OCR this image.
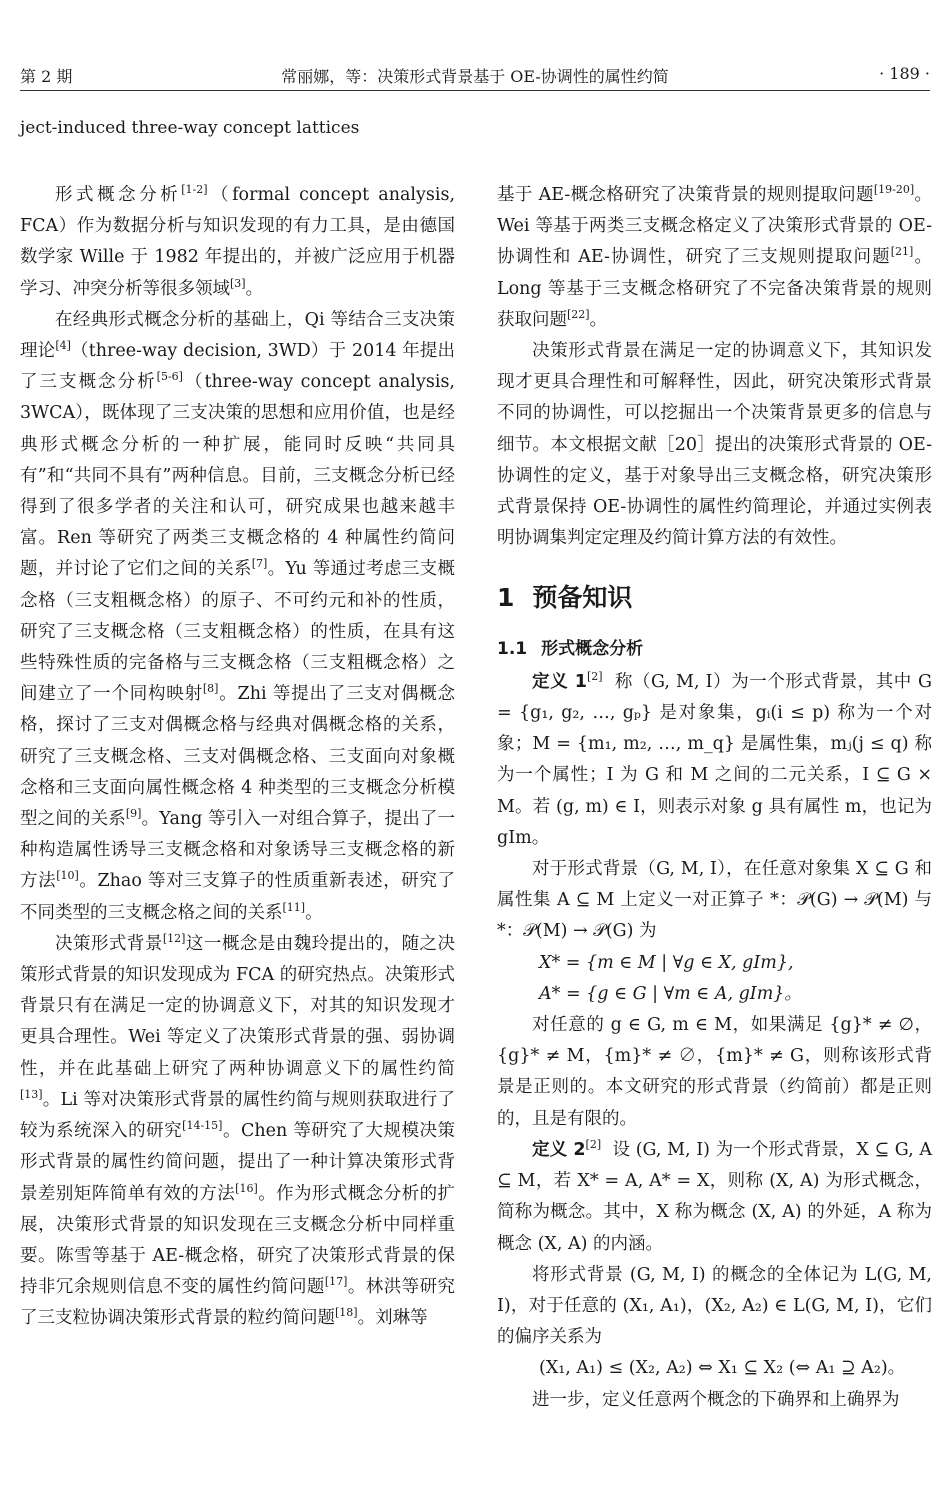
第 2 期	常丽娜，等：决策形式背景基于 OE-协调性的属性约简	· 189 ·
ject-induced three-way concept lattices

形式概念分析[1-2]（formal concept analysis, FCA）作为数据分析与知识发现的有力工具，是由德国数学家 Wille 于 1982 年提出的，并被广泛应用于机器学习、冲突分析等很多领域[3]。

在经典形式概念分析的基础上，Qi 等结合三支决策理论[4]（three-way decision, 3WD）于 2014 年提出了三支概念分析[5-6]（three-way concept analysis, 3WCA），既体现了三支决策的思想和应用价值，也是经典形式概念分析的一种扩展，能同时反映“共同具有”和“共同不具有”两种信息。目前，三支概念分析已经得到了很多学者的关注和认可，研究成果也越来越丰富。Ren 等研究了两类三支概念格的 4 种属性约简问题，并讨论了它们之间的关系[7]。Yu 等通过考虑三支概念格（三支粗概念格）的原子、不可约元和补的性质，研究了三支概念格（三支粗概念格）的性质，在具有这些特殊性质的完备格与三支概念格（三支粗概念格）之间建立了一个同构映射[8]。Zhi 等提出了三支对偶概念格，探讨了三支对偶概念格与经典对偶概念格的关系，研究了三支概念格、三支对偶概念格、三支面向对象概念格和三支面向属性概念格 4 种类型的三支概念分析模型之间的关系[9]。Yang 等引入一对组合算子，提出了一种构造属性诱导三支概念格和对象诱导三支概念格的新方法[10]。Zhao 等对三支算子的性质重新表述，研究了不同类型的三支概念格之间的关系[11]。

决策形式背景[12]这一概念是由魏玲提出的，随之决策形式背景的知识发现成为 FCA 的研究热点。决策形式背景只有在满足一定的协调意义下，对其的知识发现才更具合理性。Wei 等定义了决策形式背景的强、弱协调性，并在此基础上研究了两种协调意义下的属性约简[13]。Li 等对决策形式背景的属性约简与规则获取进行了较为系统深入的研究[14-15]。Chen 等研究了大规模决策形式背景的属性约简问题，提出了一种计算决策形式背景差别矩阵简单有效的方法[16]。作为形式概念分析的扩展，决策形式背景的知识发现在三支概念分析中同样重要。陈雪等基于 AE-概念格，研究了决策形式背景的保持非冗余规则信息不变的属性约简问题[17]。林洪等研究了三支粒协调决策形式背景的粒约简问题[18]。刘琳等

基于 AE-概念格研究了决策背景的规则提取问题[19-20]。Wei 等基于两类三支概念格定义了决策形式背景的 OE-协调性和 AE-协调性，研究了三支规则提取问题[21]。Long 等基于三支概念格研究了不完备决策背景的规则获取问题[22]。

决策形式背景在满足一定的协调意义下，其知识发现才更具合理性和可解释性，因此，研究决策形式背景不同的协调性，可以挖掘出一个决策背景更多的信息与细节。本文根据文献［20］提出的决策形式背景的 OE-协调性的定义，基于对象导出三支概念格，研究决策形式背景保持 OE-协调性的属性约简理论，并通过实例表明协调集判定定理及约简计算方法的有效性。

1 预备知识
1.1 形式概念分析

定义 1[2] 称（G, M, I）为一个形式背景，其中 G = {g₁, g₂, …, gₚ} 是对象集，gᵢ(i ≤ p) 称为一个对象；M = {m₁, m₂, …, m_q} 是属性集，mⱼ(j ≤ q) 称为一个属性；I 为 G 和 M 之间的二元关系，I ⊆ G × M。若 (g, m) ∈ I，则表示对象 g 具有属性 m，也记为 gIm。

对于形式背景（G, M, I），在任意对象集 X ⊆ G 和属性集 A ⊆ M 上定义一对正算子 *：𝒫(G) → 𝒫(M) 与 *：𝒫(M) → 𝒫(G) 为

X* = {m ∈ M | ∀g ∈ X, gIm},

A* = {g ∈ G | ∀m ∈ A, gIm}。

对任意的 g ∈ G, m ∈ M，如果满足 {g}* ≠ ∅，{g}* ≠ M，{m}* ≠ ∅，{m}* ≠ G，则称该形式背景是正则的。本文研究的形式背景（约简前）都是正则的，且是有限的。

定义 2[2] 设 (G, M, I) 为一个形式背景，X ⊆ G, A ⊆ M，若 X* = A, A* = X，则称 (X, A) 为形式概念，简称为概念。其中，X 称为概念 (X, A) 的外延，A 称为概念 (X, A) 的内涵。

将形式背景 (G, M, I) 的概念的全体记为 L(G, M, I)，对于任意的 (X₁, A₁)，(X₂, A₂) ∈ L(G, M, I)，它们的偏序关系为

(X₁, A₁) ≤ (X₂, A₂) ⇔ X₁ ⊆ X₂ (⇔ A₁ ⊇ A₂)。

进一步，定义任意两个概念的下确界和上确界为
